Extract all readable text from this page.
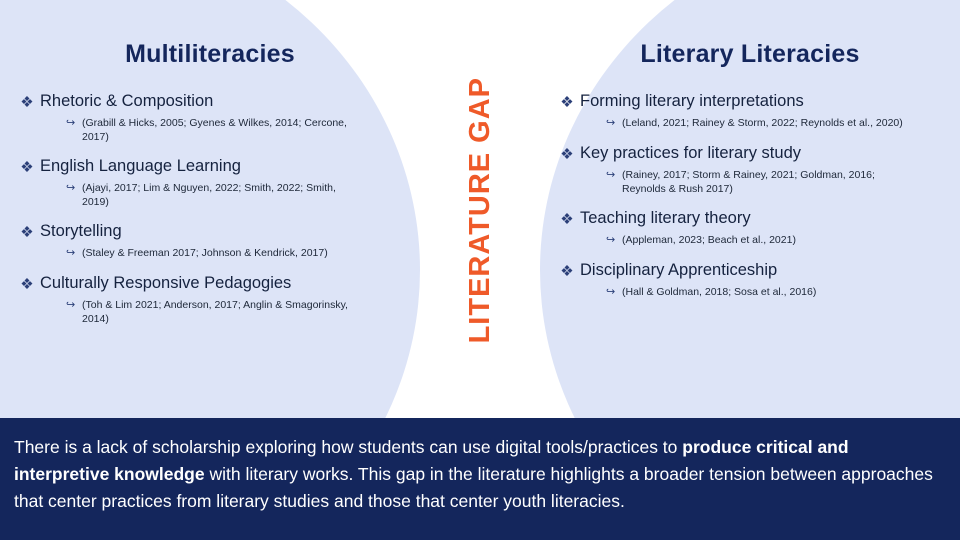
Multiliteracies
❖ Rhetoric & Composition
↪ (Grabill & Hicks, 2005; Gyenes & Wilkes, 2014; Cercone, 2017)
❖ English Language Learning
↪ (Ajayi, 2017; Lim & Nguyen, 2022; Smith, 2022; Smith, 2019)
❖ Storytelling
↪ (Staley & Freeman 2017; Johnson & Kendrick, 2017)
❖ Culturally Responsive Pedagogies
↪ (Toh & Lim 2021; Anderson, 2017; Anglin & Smagorinsky, 2014)
Literary Literacies
❖ Forming literary interpretations
↪ (Leland, 2021; Rainey & Storm, 2022; Reynolds et al., 2020)
❖ Key practices for literary study
↪ (Rainey, 2017; Storm & Rainey, 2021; Goldman, 2016; Reynolds & Rush 2017)
❖ Teaching literary theory
↪ (Appleman, 2023; Beach et al., 2021)
❖ Disciplinary Apprenticeship
↪ (Hall & Goldman, 2018; Sosa et al., 2016)
LITERATURE GAP

There is a lack of scholarship exploring how students can use digital tools/practices to produce critical and interpretive knowledge with literary works. This gap in the literature highlights a broader tension between approaches that center practices from literary studies and those that center youth literacies.
